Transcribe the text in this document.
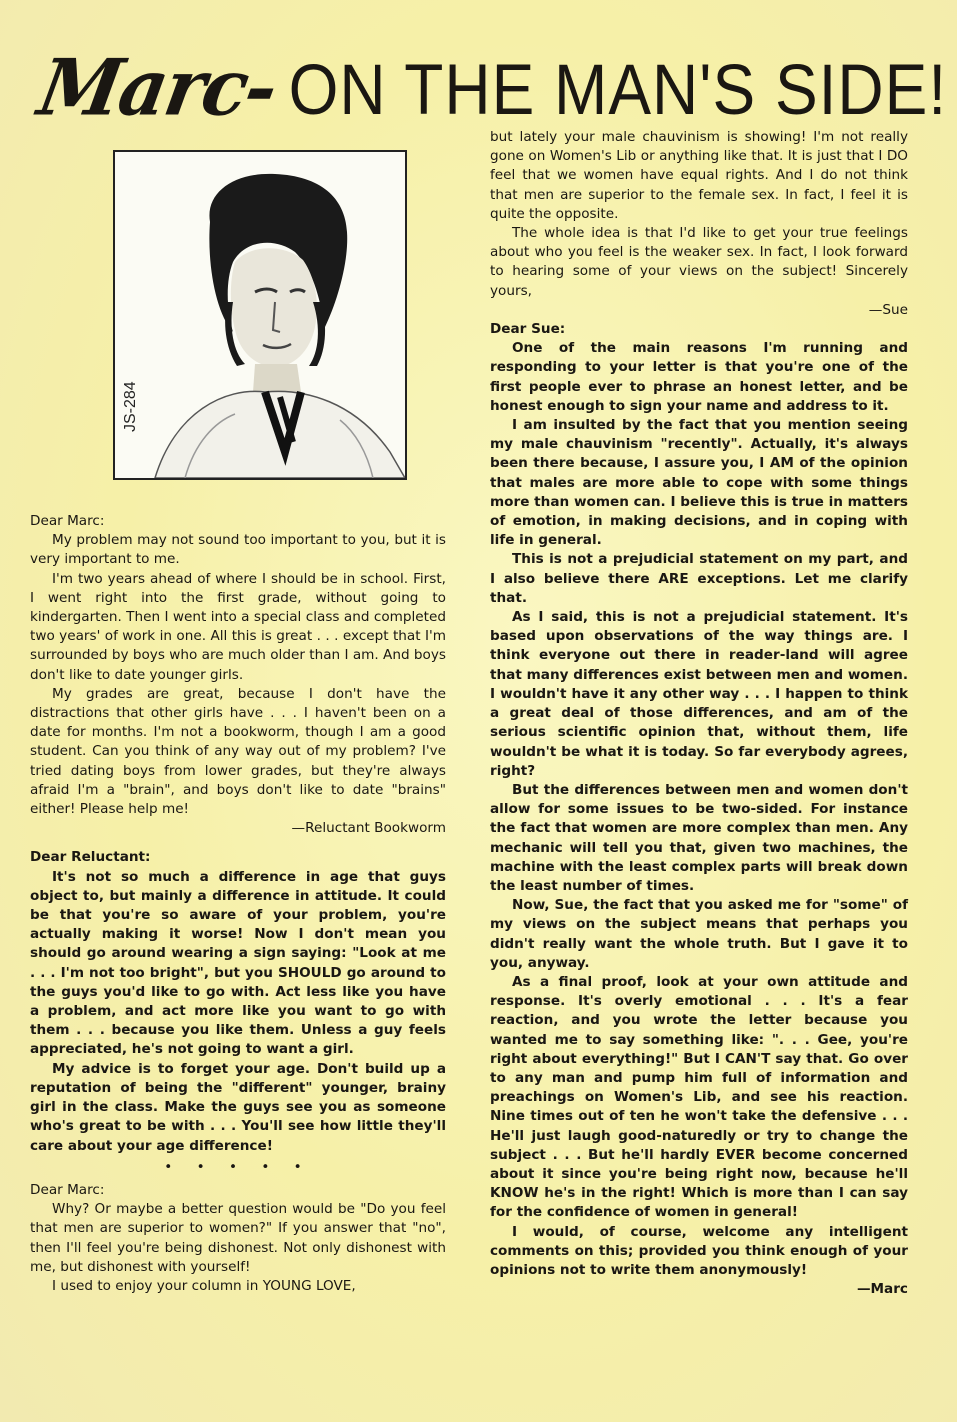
Marc- ON THE MAN'S SIDE!
JS-284

Dear Marc:

My problem may not sound too important to you, but it is very important to me.

I'm two years ahead of where I should be in school. First, I went right into the first grade, without going to kindergarten. Then I went into a special class and completed two years' of work in one. All this is great . . . except that I'm surrounded by boys who are much older than I am. And boys don't like to date younger girls.

My grades are great, because I don't have the distractions that other girls have . . . I haven't been on a date for months. I'm not a bookworm, though I am a good student. Can you think of any way out of my problem? I've tried dating boys from lower grades, but they're always afraid I'm a "brain", and boys don't like to date "brains" either! Please help me!

—Reluctant Bookworm

Dear Reluctant:

It's not so much a difference in age that guys object to, but mainly a difference in attitude. It could be that you're so aware of your problem, you're actually making it worse! Now I don't mean you should go around wearing a sign saying: "Look at me . . . I'm not too bright", but you SHOULD go around to the guys you'd like to go with. Act less like you have a problem, and act more like you want to go with them . . . because you like them. Unless a guy feels appreciated, he's not going to want a girl.

My advice is to forget your age. Don't build up a reputation of being the "different" younger, brainy girl in the class. Make the guys see you as someone who's great to be with . . . You'll see how little they'll care about your age difference!

• • • • •

Dear Marc:

Why? Or maybe a better question would be "Do you feel that men are superior to women?" If you answer that "no", then I'll feel you're being dishonest. Not only dishonest with me, but dishonest with yourself!

I used to enjoy your column in YOUNG LOVE,

but lately your male chauvinism is showing! I'm not really gone on Women's Lib or anything like that. It is just that I DO feel that we women have equal rights. And I do not think that men are superior to the female sex. In fact, I feel it is quite the opposite.

The whole idea is that I'd like to get your true feelings about who you feel is the weaker sex. In fact, I look forward to hearing some of your views on the subject! Sincerely yours,

—Sue

Dear Sue:

One of the main reasons I'm running and responding to your letter is that you're one of the first people ever to phrase an honest letter, and be honest enough to sign your name and address to it.

I am insulted by the fact that you mention seeing my male chauvinism "recently". Actually, it's always been there because, I assure you, I AM of the opinion that males are more able to cope with some things more than women can. I believe this is true in matters of emotion, in making decisions, and in coping with life in general.

This is not a prejudicial statement on my part, and I also believe there ARE exceptions. Let me clarify that.

As I said, this is not a prejudicial statement. It's based upon observations of the way things are. I think everyone out there in reader-land will agree that many differences exist between men and women. I wouldn't have it any other way . . . I happen to think a great deal of those differences, and am of the serious scientific opinion that, without them, life wouldn't be what it is today. So far everybody agrees, right?

But the differences between men and women don't allow for some issues to be two-sided. For instance the fact that women are more complex than men. Any mechanic will tell you that, given two machines, the machine with the least complex parts will break down the least number of times.

Now, Sue, the fact that you asked me for "some" of my views on the subject means that perhaps you didn't really want the whole truth. But I gave it to you, anyway.

As a final proof, look at your own attitude and response. It's overly emotional . . . It's a fear reaction, and you wrote the letter because you wanted me to say something like: ". . . Gee, you're right about everything!" But I CAN'T say that. Go over to any man and pump him full of information and preachings on Women's Lib, and see his reaction. Nine times out of ten he won't take the defensive . . . He'll just laugh good-naturedly or try to change the subject . . . But he'll hardly EVER become concerned about it since you're being right now, because he'll KNOW he's in the right! Which is more than I can say for the confidence of women in general!

I would, of course, welcome any intelligent comments on this; provided you think enough of your opinions not to write them anonymously!

—Marc
